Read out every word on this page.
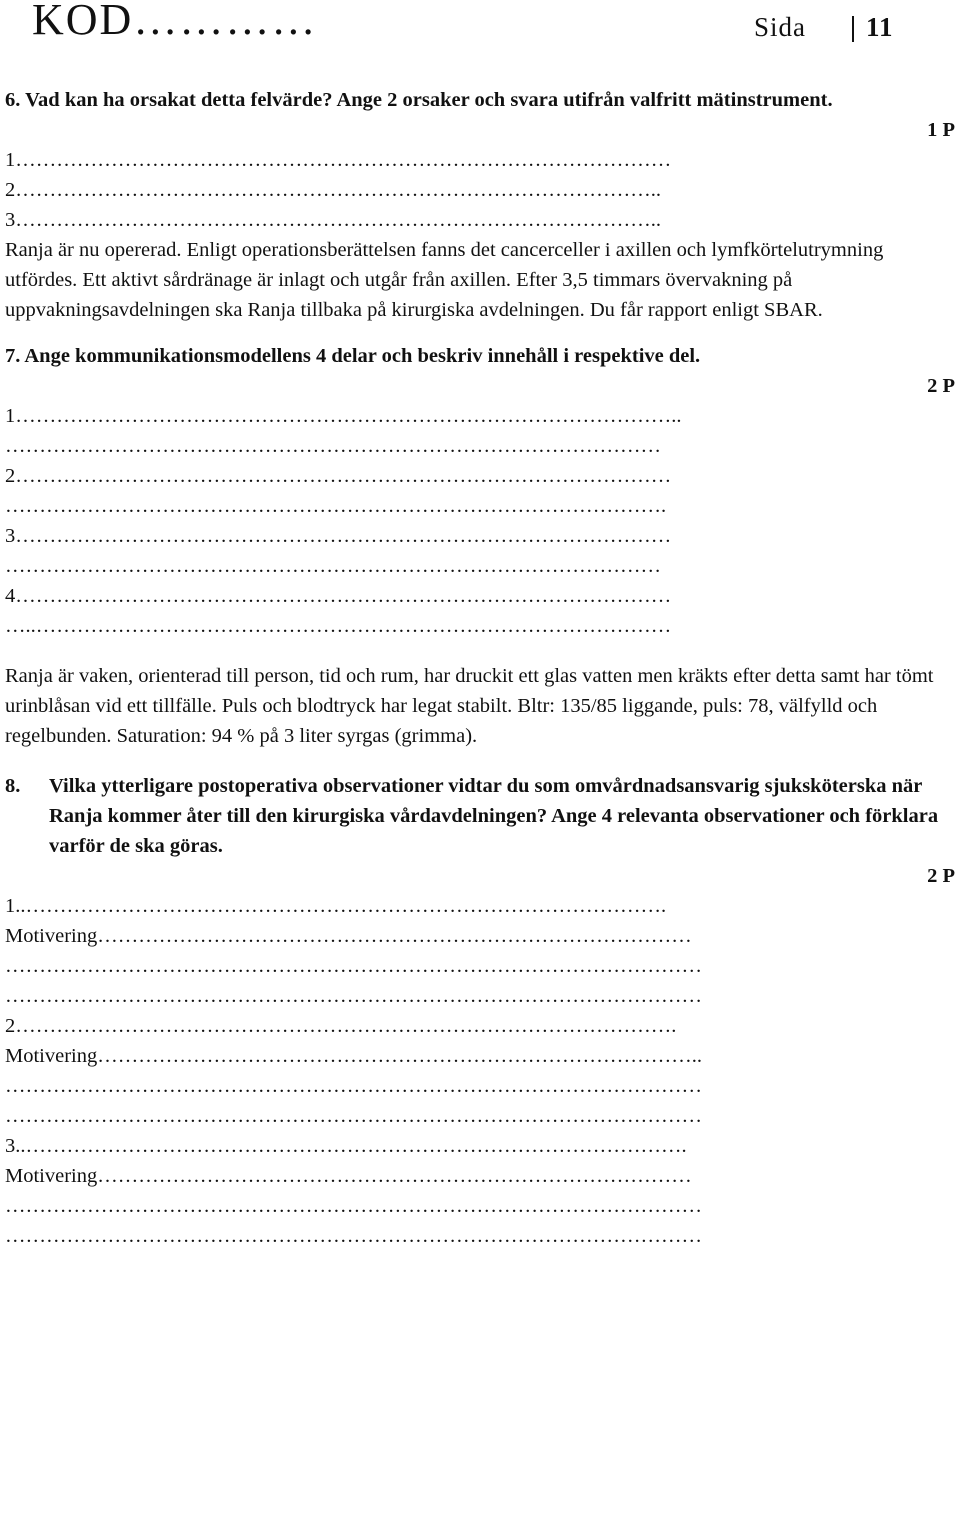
KOD…………	Sida 11
6. Vad kan ha orsakat detta felvärde? Ange 2 orsaker och svara utifrån valfritt mätinstrument.
1 P
1……………………………………………………………………………………
2…………………………………………………………………………………..
3…………………………………………………………………………………..
Ranja är nu opererad. Enligt operationsberättelsen fanns det cancerceller i axillen och lymfkörtelutrymning utfördes. Ett aktivt sårdränage är inlagt och utgår från axillen. Efter 3,5 timmars övervakning på uppvakningsavdelningen ska Ranja tillbaka på kirurgiska avdelningen. Du får rapport enligt SBAR.
7. Ange kommunikationsmodellens 4 delar och beskriv innehåll i respektive del.
2 P
1……………………………………………………………………………………..
……………………………………………………………………………………
2……………………………………………………………………………………
…………………………………………………………………………………….
3……………………………………………………………………………………
……………………………………………………………………………………
4……………………………………………………………………………………
…..…………………………………………………………………………………
Ranja är vaken, orienterad till person, tid och rum, har druckit ett glas vatten men kräkts efter detta samt har tömt urinblåsan vid ett tillfälle. Puls och blodtryck har legat stabilt. Bltr: 135/85 liggande, puls: 78, välfylld och regelbunden. Saturation: 94 % på 3 liter syrgas (grimma).
8.	Vilka ytterligare postoperativa observationer vidtar du som omvårdnadsansvarig sjuksköterska när Ranja kommer åter till den kirurgiska vårdavdelningen? Ange 4 relevanta observationer och förklara varför de ska göras.
2 P
1..………………………………………………………………………………….
Motivering……………………………………………………………………………
…………………………………………………………………………………………
…………………………………………………………………………………………
2…………………………………………………………………………………….
Motivering……………………………………………………………………………..
…………………………………………………………………………………………
…………………………………………………………………………………………
3..…………………………………………………………………………………….
Motivering……………………………………………………………………………
…………………………………………………………………………………………
…………………………………………………………………………………………
